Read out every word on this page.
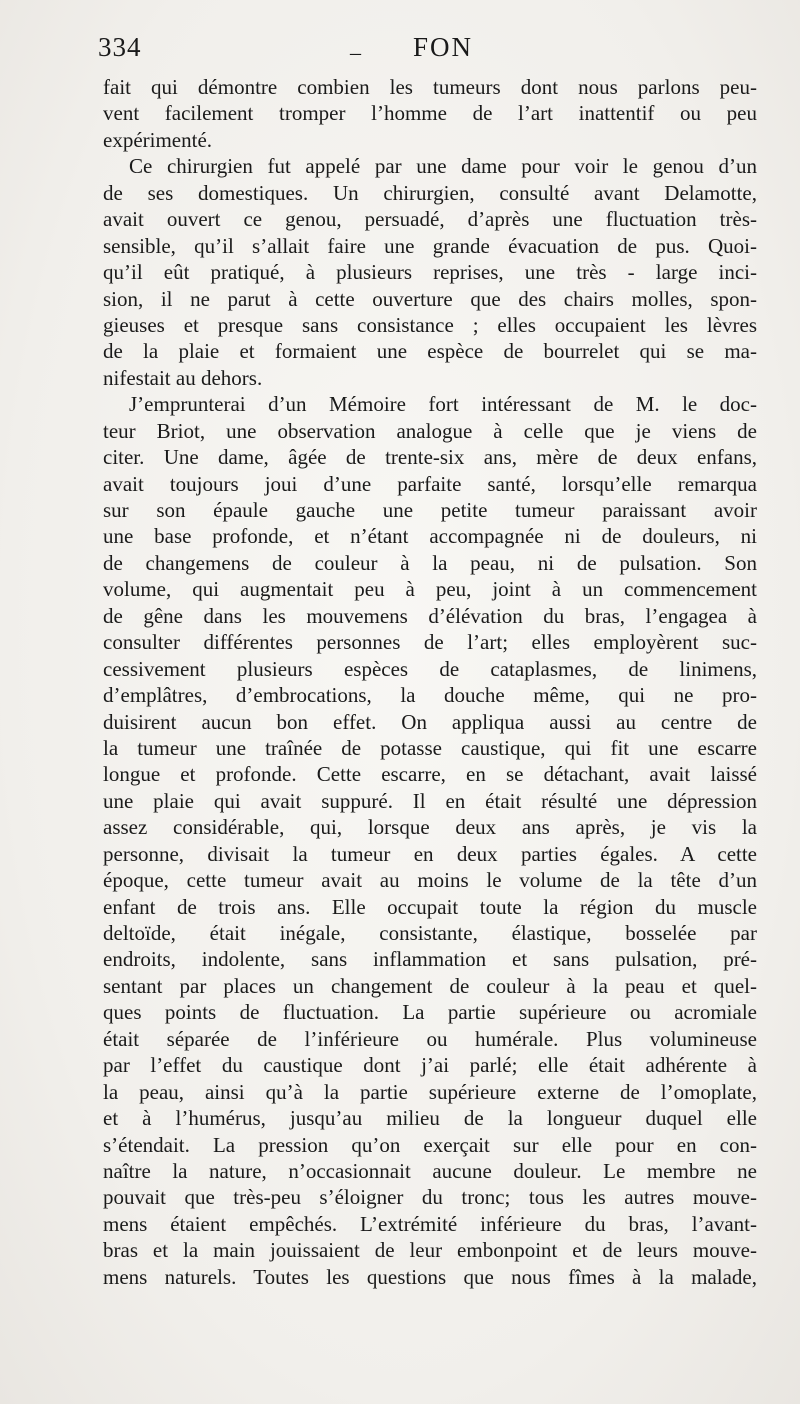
334	_ FON
fait qui démontre combien les tumeurs dont nous parlons peu-
vent facilement tromper l’homme de l’art inattentif ou peu
expérimenté.
Ce chirurgien fut appelé par une dame pour voir le genou d’un
de ses domestiques. Un chirurgien, consulté avant Delamotte,
avait ouvert ce genou, persuadé, d’après une fluctuation très-
sensible, qu’il s’allait faire une grande évacuation de pus. Quoi-
qu’il eût pratiqué, à plusieurs reprises, une très - large inci-
sion, il ne parut à cette ouverture que des chairs molles, spon-
gieuses et presque sans consistance ; elles occupaient les lèvres
de la plaie et formaient une espèce de bourrelet qui se ma-
nifestait au dehors.
J’emprunterai d’un Mémoire fort intéressant de M. le doc-
teur Briot, une observation analogue à celle que je viens de
citer. Une dame, âgée de trente-six ans, mère de deux enfans,
avait toujours joui d’une parfaite santé, lorsqu’elle remarqua
sur son épaule gauche une petite tumeur paraissant avoir
une base profonde, et n’étant accompagnée ni de douleurs, ni
de changemens de couleur à la peau, ni de pulsation. Son
volume, qui augmentait peu à peu, joint à un commencement
de gêne dans les mouvemens d’élévation du bras, l’engagea à
consulter différentes personnes de l’art; elles employèrent suc-
cessivement plusieurs espèces de cataplasmes, de linimens,
d’emplâtres, d’embrocations, la douche même, qui ne pro-
duisirent aucun bon effet. On appliqua aussi au centre de
la tumeur une traînée de potasse caustique, qui fit une escarre
longue et profonde. Cette escarre, en se détachant, avait laissé
une plaie qui avait suppuré. Il en était résulté une dépression
assez considérable, qui, lorsque deux ans après, je vis la
personne, divisait la tumeur en deux parties égales. A cette
époque, cette tumeur avait au moins le volume de la tête d’un
enfant de trois ans. Elle occupait toute la région du muscle
deltoïde, était inégale, consistante, élastique, bosselée par
endroits, indolente, sans inflammation et sans pulsation, pré-
sentant par places un changement de couleur à la peau et quel-
ques points de fluctuation. La partie supérieure ou acromiale
était séparée de l’inférieure ou humérale. Plus volumineuse
par l’effet du caustique dont j’ai parlé; elle était adhérente à
la peau, ainsi qu’à la partie supérieure externe de l’omoplate,
et à l’humérus, jusqu’au milieu de la longueur duquel elle
s’étendait. La pression qu’on exerçait sur elle pour en con-
naître la nature, n’occasionnait aucune douleur. Le membre ne
pouvait que très-peu s’éloigner du tronc; tous les autres mouve-
mens étaient empêchés. L’extrémité inférieure du bras, l’avant-
bras et la main jouissaient de leur embonpoint et de leurs mouve-
mens naturels. Toutes les questions que nous fîmes à la malade,
